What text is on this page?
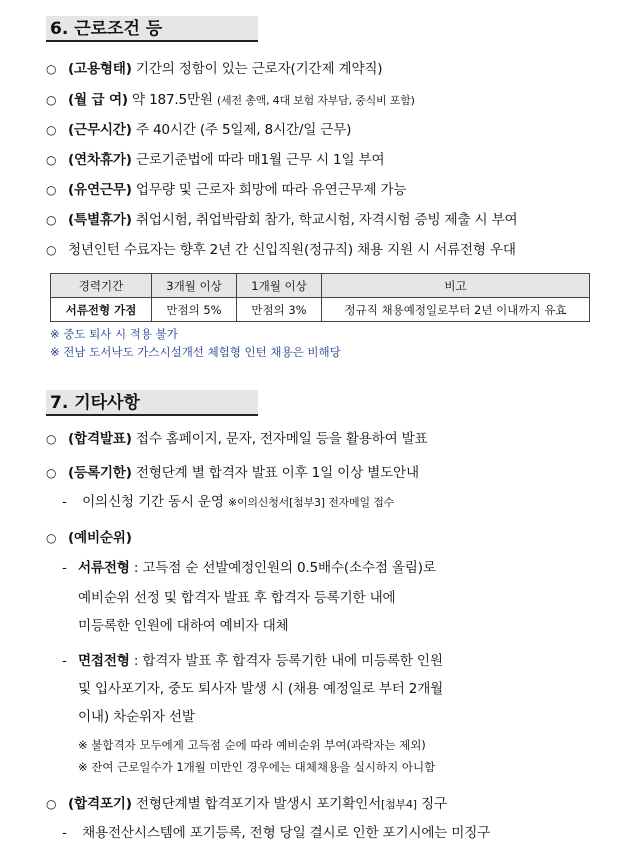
6. 근로조건 등
○ (고용형태) 기간의 정함이 있는 근로자(기간제 계약직)
○ (월 급 여) 약 187.5만원 (세전 총액, 4대 보험 자부담, 중식비 포함)
○ (근무시간) 주 40시간 (주 5일제, 8시간/일 근무)
○ (연차휴가) 근로기준법에 따라 매1월 근무 시 1일 부여
○ (유연근무) 업무량 및 근로자 희망에 따라 유연근무제 가능
○ (특별휴가) 취업시험, 취업박람회 참가, 학교시험, 자격시험 증빙 제출 시 부여
○ 청년인턴 수료자는 향후 2년 간 신입직원(정규직) 채용 지원 시 서류전형 우대
경력기간	3개월 이상	1개월 이상	비고
서류전형 가점	만점의 5%	만점의 3%	정규직 채용예정일로부터 2년 이내까지 유효
※ 중도 퇴사 시 적용 불가
※ 전남 도서낙도 가스시설개선 체험형 인턴 채용은 비해당
7. 기타사항
○ (합격발표) 접수 홈페이지, 문자, 전자메일 등을 활용하여 발표
○ (등록기한) 전형단계 별 합격자 발표 이후 1일 이상 별도안내
- 이의신청 기간 동시 운영 ※이의신청서[첨부3] 전자메일 접수
○ (예비순위)
- 서류전형 : 고득점 순 선발예정인원의 0.5배수(소수점 올림)로
예비순위 선정 및 합격자 발표 후 합격자 등록기한 내에
미등록한 인원에 대하여 예비자 대체
- 면접전형 : 합격자 발표 후 합격자 등록기한 내에 미등록한 인원
및 입사포기자, 중도 퇴사자 발생 시 (채용 예정일로 부터 2개월
이내) 차순위자 선발
※ 불합격자 모두에게 고득점 순에 따라 예비순위 부여(과락자는 제외)
※ 잔여 근로일수가 1개월 미만인 경우에는 대체채용을 실시하지 아니함
○ (합격포기) 전형단계별 합격포기자 발생시 포기확인서[첨부4] 징구
- 채용전산시스템에 포기등록, 전형 당일 결시로 인한 포기시에는 미징구
